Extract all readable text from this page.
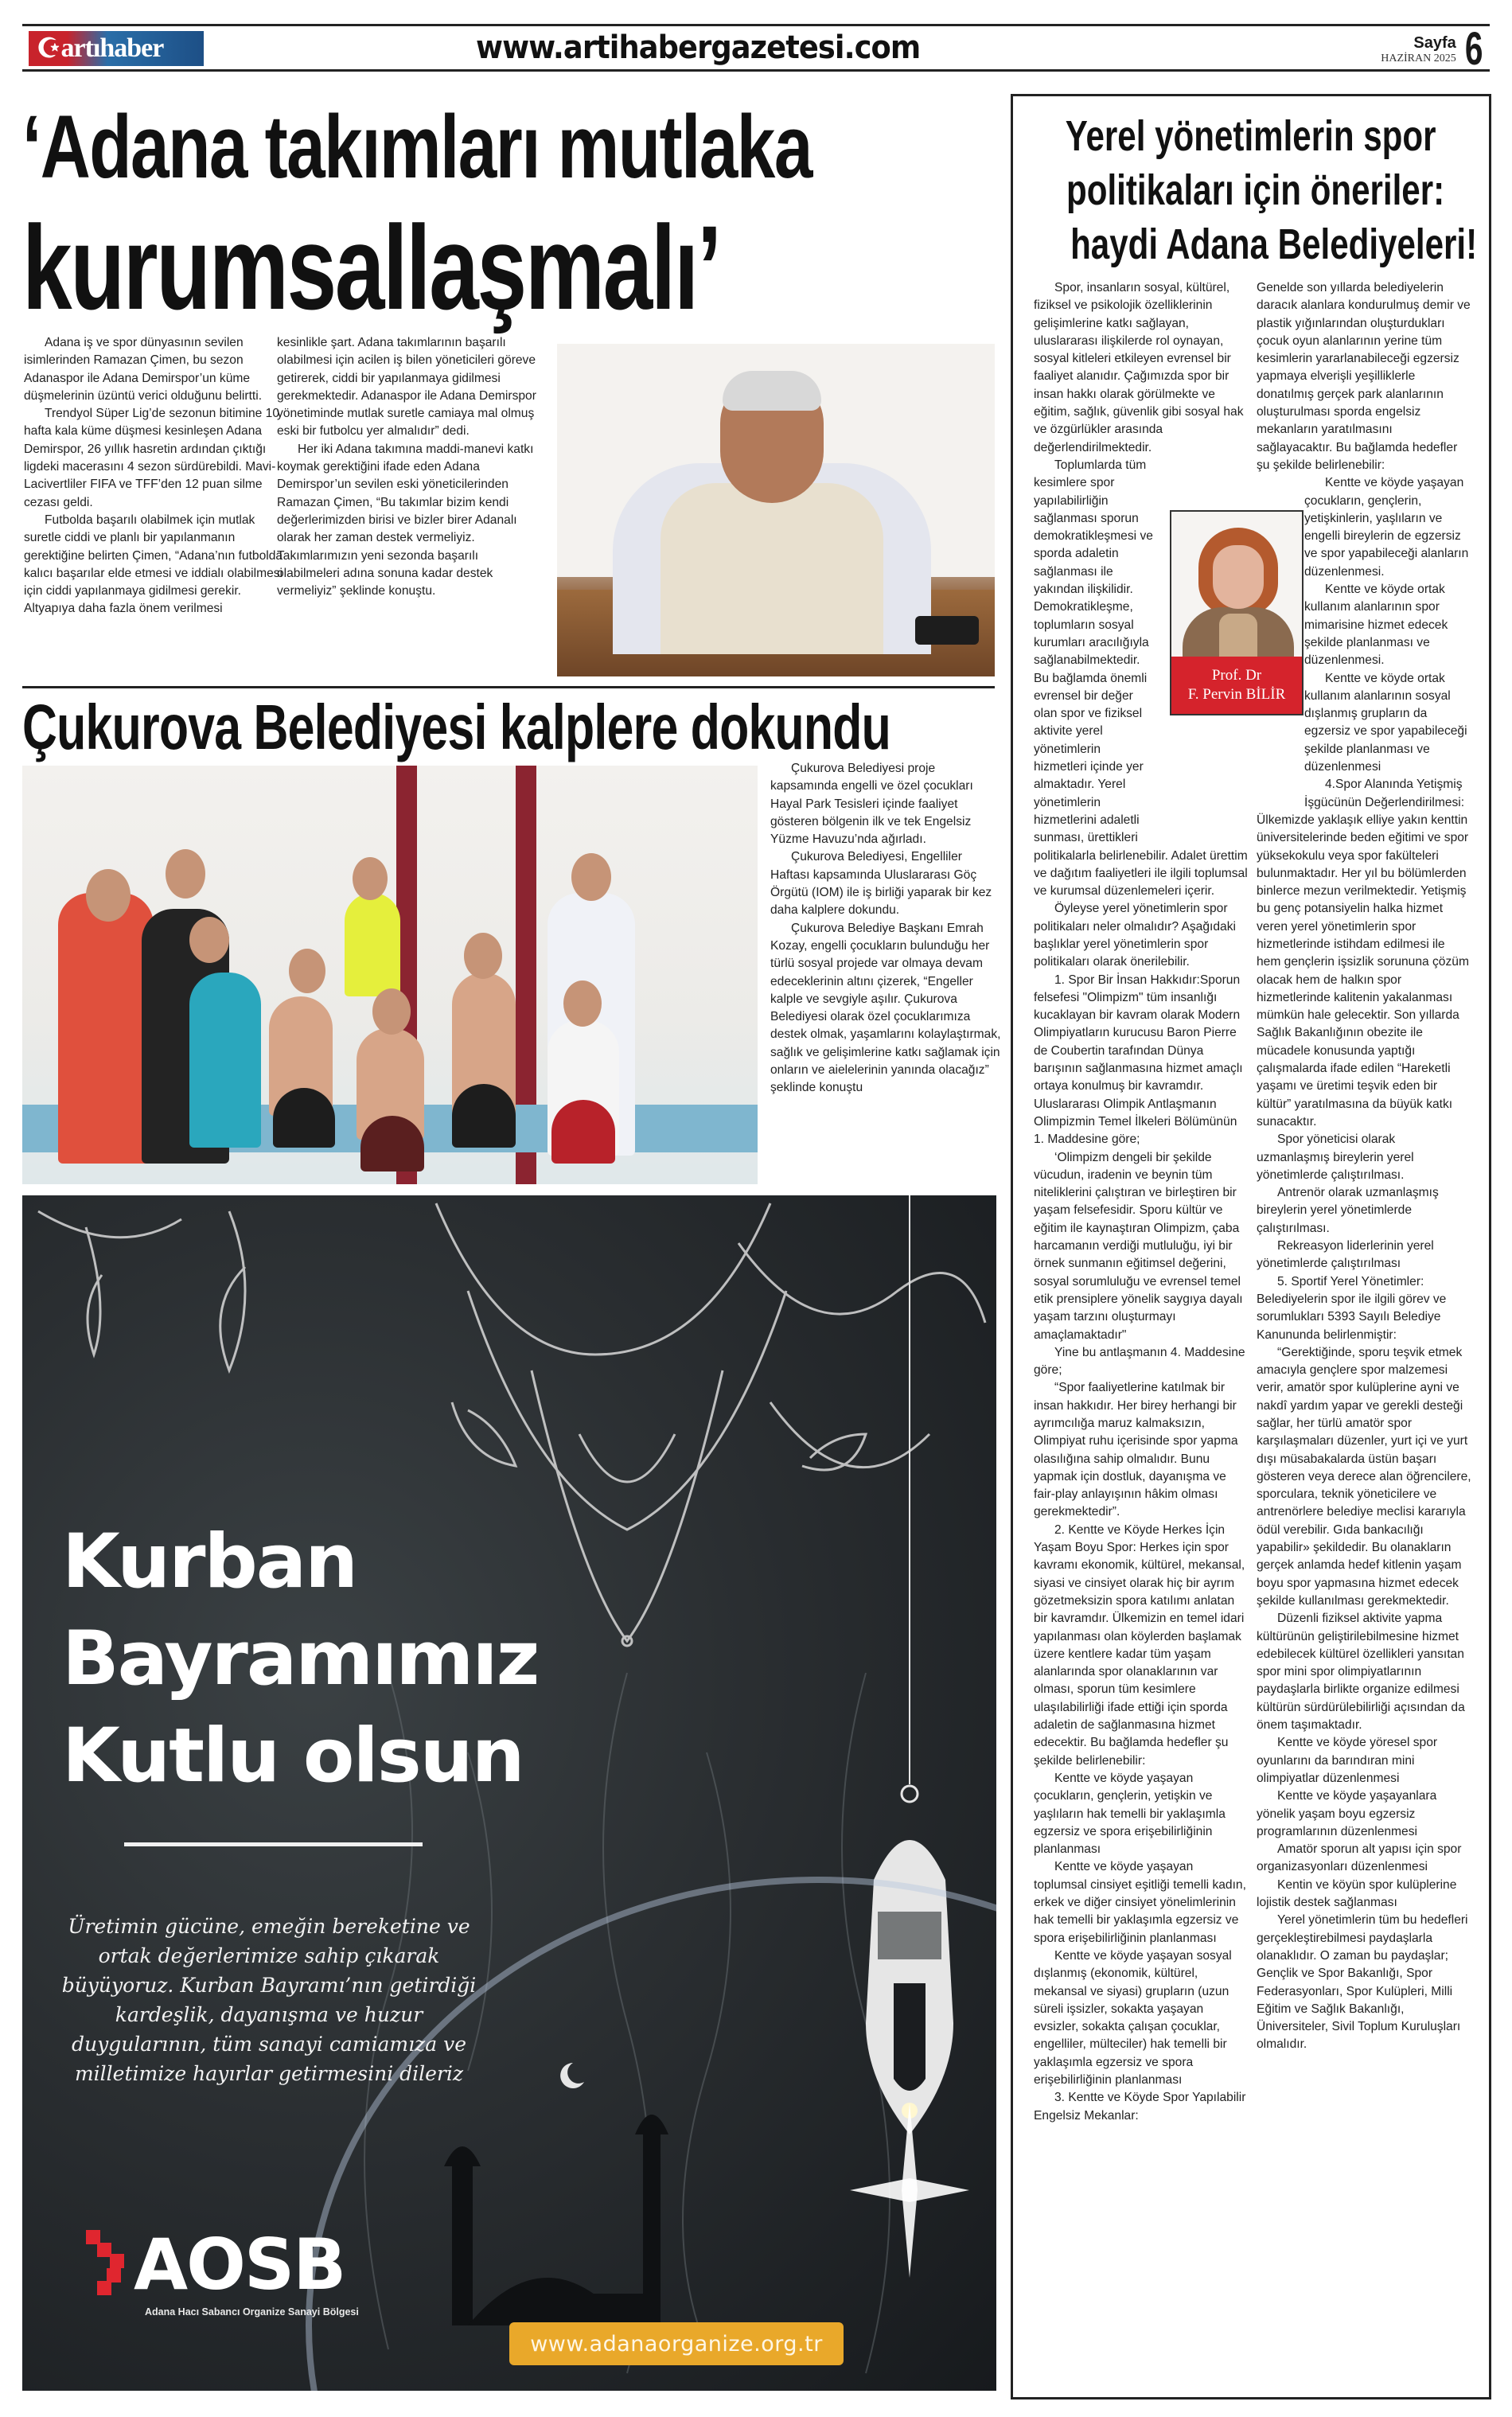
☪ artıhaber	www.artihabergazetesi.com	Sayfa
HAZİRAN 2025 6
‘Adana takımları mutlaka
kurumsallaşmalı’

Adana iş ve spor dünyasının sevilen isimlerinden Ramazan Çimen, bu sezon Adanaspor ile Adana Demirspor’un küme düşmelerinin üzüntü verici olduğunu belirtti.

Trendyol Süper Lig’de sezonun bitimine 10 hafta kala küme düşmesi kesinleşen Adana Demirspor, 26 yıllık hasretin ardından çıktığı ligdeki macerasını 4 sezon sürdürebildi. Mavi-Lacivertliler FIFA ve TFF’den 12 puan silme cezası geldi.

Futbolda başarılı olabilmek için mutlak suretle ciddi ve planlı bir yapılanmanın gerektiğine belirten Çimen, “Adana’nın futbolda kalıcı başarılar elde etmesi ve iddialı olabilmesi için ciddi yapılanmaya gidilmesi gerekir. Altyapıya daha fazla önem verilmesi

kesinlikle şart. Adana takımlarının başarılı olabilmesi için acilen iş bilen yöneticileri göreve getirerek, ciddi bir yapılanmaya gidilmesi gerekmektedir. Adanaspor ile Adana Demirspor yönetiminde mutlak suretle camiaya mal olmuş eski bir futbolcu yer almalıdır” dedi.

Her iki Adana takımına maddi-manevi katkı koymak gerektiğini ifade eden Adana Demirspor’un sevilen eski yöneticilerinden Ramazan Çimen, “Bu takımlar bizim kendi değerlerimizden birisi ve bizler birer Adanalı olarak her zaman destek vermeliyiz. Takımlarımızın yeni sezonda başarılı olabilmeleri adına sonuna kadar destek vermeliyiz” şeklinde konuştu.

Çukurova Belediyesi kalplere dokundu

Çukurova Belediyesi proje kapsamında engelli ve özel çocukları Hayal Park Tesisleri içinde faaliyet gösteren bölgenin ilk ve tek Engelsiz Yüzme Havuzu’nda ağırladı.

Çukurova Belediyesi, Engelliler Haftası kapsamında Uluslararası Göç Örgütü (IOM) ile iş birliği yaparak bir kez daha kalplere dokundu.

Çukurova Belediye Başkanı Emrah Kozay, engelli çocukların bulunduğu her türlü sosyal projede var olmaya devam edeceklerinin altını çizerek, “Engeller kalple ve sevgiyle aşılır. Çukurova Belediyesi olarak özel çocuklarımıza destek olmak, yaşamlarını kolaylaştırmak, sağlık ve gelişimlerine katkı sağlamak için onların ve aielelerinin yanında olacağız” şeklinde konuştu

Kurban
Bayramımız
Kutlu olsun
Üretimin gücüne, emeğin bereketine ve ortak değerlerimize sahip çıkarak büyüyoruz. Kurban Bayramı’nın getirdiği kardeşlik, dayanışma ve huzur duygularının, tüm sanayi camiamıza ve milletimize hayırlar getirmesini dileriz
AOSB
Adana Hacı Sabancı Organize Sanayi Bölgesi
www.adanaorganize.org.tr
Yerel yönetimlerin spor
politikaları için öneriler:
haydi Adana Belediyeleri!

Spor, insanların sosyal, kültürel, fiziksel ve psikolojik özelliklerinin gelişimlerine katkı sağlayan, uluslararası ilişkilerde rol oynayan, sosyal kitleleri etkileyen evrensel bir faaliyet alanıdır. Çağımızda spor bir insan hakkı olarak görülmekte ve eğitim, sağlık, güvenlik gibi sosyal hak ve özgürlükler arasında değerlendirilmektedir.

Toplumlarda tüm kesimlere spor yapılabilirliğin sağlanması sporun demokratikleşmesi ve sporda adaletin sağlanması ile yakından ilişkilidir. Demokratikleşme, toplumların sosyal kurumları aracılığıyla sağlanabilmektedir. Bu bağlamda önemli evrensel bir değer olan spor ve fiziksel aktivite yerel yönetimlerin hizmetleri içinde yer almaktadır. Yerel yönetimlerin hizmetlerini adaletli sunması, ürettikleri politikalarla belirlenebilir. Adalet ürettim ve dağıtım faaliyetleri ile ilgili toplumsal ve kurumsal düzenlemeleri içerir.

Öyleyse yerel yönetimlerin spor politikaları neler olmalıdır? Aşağıdaki başlıklar yerel yönetimlerin spor politikaları olarak önerilebilir.

1. Spor Bir İnsan Hakkıdır:Sporun felsefesi "Olimpizm" tüm insanlığı kucaklayan bir kavram olarak Modern Olimpiyatların kurucusu Baron Pierre de Coubertin tarafından Dünya barışının sağlanmasına hizmet amaçlı ortaya konulmuş bir kavramdır. Uluslararası Olimpik Antlaşmanın Olimpizmin Temel İlkeleri Bölümünün 1. Maddesine göre;

‘Olimpizm dengeli bir şekilde vücudun, iradenin ve beynin tüm niteliklerini çalıştıran ve birleştiren bir yaşam felsefesidir. Sporu kültür ve eğitim ile kaynaştıran Olimpizm, çaba harcamanın verdiği mutluluğu, iyi bir örnek sunmanın eğitimsel değerini, sosyal sorumluluğu ve evrensel temel etik prensiplere yönelik saygıya dayalı yaşam tarzını oluşturmayı amaçlamaktadır"

Yine bu antlaşmanın 4. Maddesine göre;

“Spor faaliyetlerine katılmak bir insan hakkıdır. Her birey herhangi bir ayrımcılığa maruz kalmaksızın, Olimpiyat ruhu içerisinde spor yapma olasılığına sahip olmalıdır. Bunu yapmak için dostluk, dayanışma ve fair-play anlayışının hâkim olması gerekmektedir”.

2. Kentte ve Köyde Herkes İçin Yaşam Boyu Spor: Herkes için spor kavramı ekonomik, kültürel, mekansal, siyasi ve cinsiyet olarak hiç bir ayrım gözetmeksizin spora katılımı anlatan bir kavramdır. Ülkemizin en temel idari yapılanması olan köylerden başlamak üzere kentlere kadar tüm yaşam alanlarında spor olanaklarının var olması, sporun tüm kesimlere ulaşılabilirliği ifade ettiği için sporda adaletin de sağlanmasına hizmet edecektir. Bu bağlamda hedefler şu şekilde belirlenebilir:

Kentte ve köyde yaşayan çocukların, gençlerin, yetişkin ve yaşlıların hak temelli bir yaklaşımla egzersiz ve spora erişebilirliğinin planlanması

Kentte ve köyde yaşayan toplumsal cinsiyet eşitliği temelli kadın, erkek ve diğer cinsiyet yönelimlerinin hak temelli bir yaklaşımla egzersiz ve spora erişebilirliğinin planlanması

Kentte ve köyde yaşayan sosyal dışlanmış (ekonomik, kültürel, mekansal ve siyasi) grupların (uzun süreli işsizler, sokakta yaşayan evsizler, sokakta çalışan çocuklar, engelliler, mülteciler) hak temelli bir yaklaşımla egzersiz ve spora erişebilirliğinin planlanması

3. Kentte ve Köyde Spor Yapılabilir Engelsiz Mekanlar:

Genelde son yıllarda belediyelerin daracık alanlara kondurulmuş demir ve plastik yığınlarından oluşturdukları çocuk oyun alanlarının yerine tüm kesimlerin yararlanabileceği egzersiz yapmaya elverişli yeşilliklerle donatılmış gerçek park alanlarının oluşturulması sporda engelsiz mekanların yaratılmasını sağlayacaktır. Bu bağlamda hedefler şu şekilde belirlenebilir:

Kentte ve köyde yaşayan çocukların, gençlerin, yetişkinlerin, yaşlıların ve engelli bireylerin de egzersiz ve spor yapabileceği alanların düzenlenmesi.

Kentte ve köyde ortak kullanım alanlarının spor mimarisine hizmet edecek şekilde planlanması ve düzenlenmesi.

Kentte ve köyde ortak kullanım alanlarının sosyal dışlanmış grupların da egzersiz ve spor yapabileceği şekilde planlanması ve düzenlenmesi

4.Spor Alanında Yetişmiş İşgücünün Değerlendirilmesi: Ülkemizde yaklaşık elliye yakın kenttin üniversitelerinde beden eğitimi ve spor yüksekokulu veya spor fakülteleri bulunmaktadır. Her yıl bu bölümlerden binlerce mezun verilmektedir. Yetişmiş bu genç potansiyelin halka hizmet veren yerel yönetimlerin spor hizmetlerinde istihdam edilmesi ile hem gençlerin işsizlik sorununa çözüm olacak hem de halkın spor hizmetlerinde kalitenin yakalanması mümkün hale gelecektir. Son yıllarda Sağlık Bakanlığının obezite ile mücadele konusunda yaptığı çalışmalarda ifade edilen “Hareketli yaşamı ve üretimi teşvik eden bir kültür” yaratılmasına da büyük katkı sunacaktır.

Spor yöneticisi olarak uzmanlaşmış bireylerin yerel yönetimlerde çalıştırılması.

Antrenör olarak uzmanlaşmış bireylerin yerel yönetimlerde çalıştırılması.

Rekreasyon liderlerinin yerel yönetimlerde çalıştırılması

5. Sportif Yerel Yönetimler: Belediyelerin spor ile ilgili görev ve sorumlukları 5393 Sayılı Belediye Kanununda belirlenmiştir:

“Gerektiğinde, sporu teşvik etmek amacıyla gençlere spor malzemesi verir, amatör spor kulüplerine ayni ve nakdî yardım yapar ve gerekli desteği sağlar, her türlü amatör spor karşılaşmaları düzenler, yurt içi ve yurt dışı müsabakalarda üstün başarı gösteren veya derece alan öğrencilere, sporculara, teknik yöneticilere ve antrenörlere belediye meclisi kararıyla ödül verebilir. Gıda bankacılığı yapabilir» şekildedir. Bu olanakların gerçek anlamda hedef kitlenin yaşam boyu spor yapmasına hizmet edecek şekilde kullanılması gerekmektedir.

Düzenli fiziksel aktivite yapma kültürünün geliştirilebilmesine hizmet edebilecek kültürel özellikleri yansıtan spor mini spor olimpiyatlarının paydaşlarla birlikte organize edilmesi kültürün sürdürülebilirliği açısından da önem taşımaktadır.

Kentte ve köyde yöresel spor oyunlarını da barındıran mini olimpiyatlar düzenlenmesi

Kentte ve köyde yaşayanlara yönelik yaşam boyu egzersiz programlarının düzenlenmesi

Amatör sporun alt yapısı için spor organizasyonları düzenlenmesi

Kentin ve köyün spor kulüplerine lojistik destek sağlanması

Yerel yönetimlerin tüm bu hedefleri gerçekleştirebilmesi paydaşlarla olanaklıdır. O zaman bu paydaşlar; Gençlik ve Spor Bakanlığı, Spor Federasyonları, Spor Kulüpleri, Milli Eğitim ve Sağlık Bakanlığı, Üniversiteler, Sivil Toplum Kuruluşları olmalıdır.

Prof. Dr
F. Pervin BİLİR
